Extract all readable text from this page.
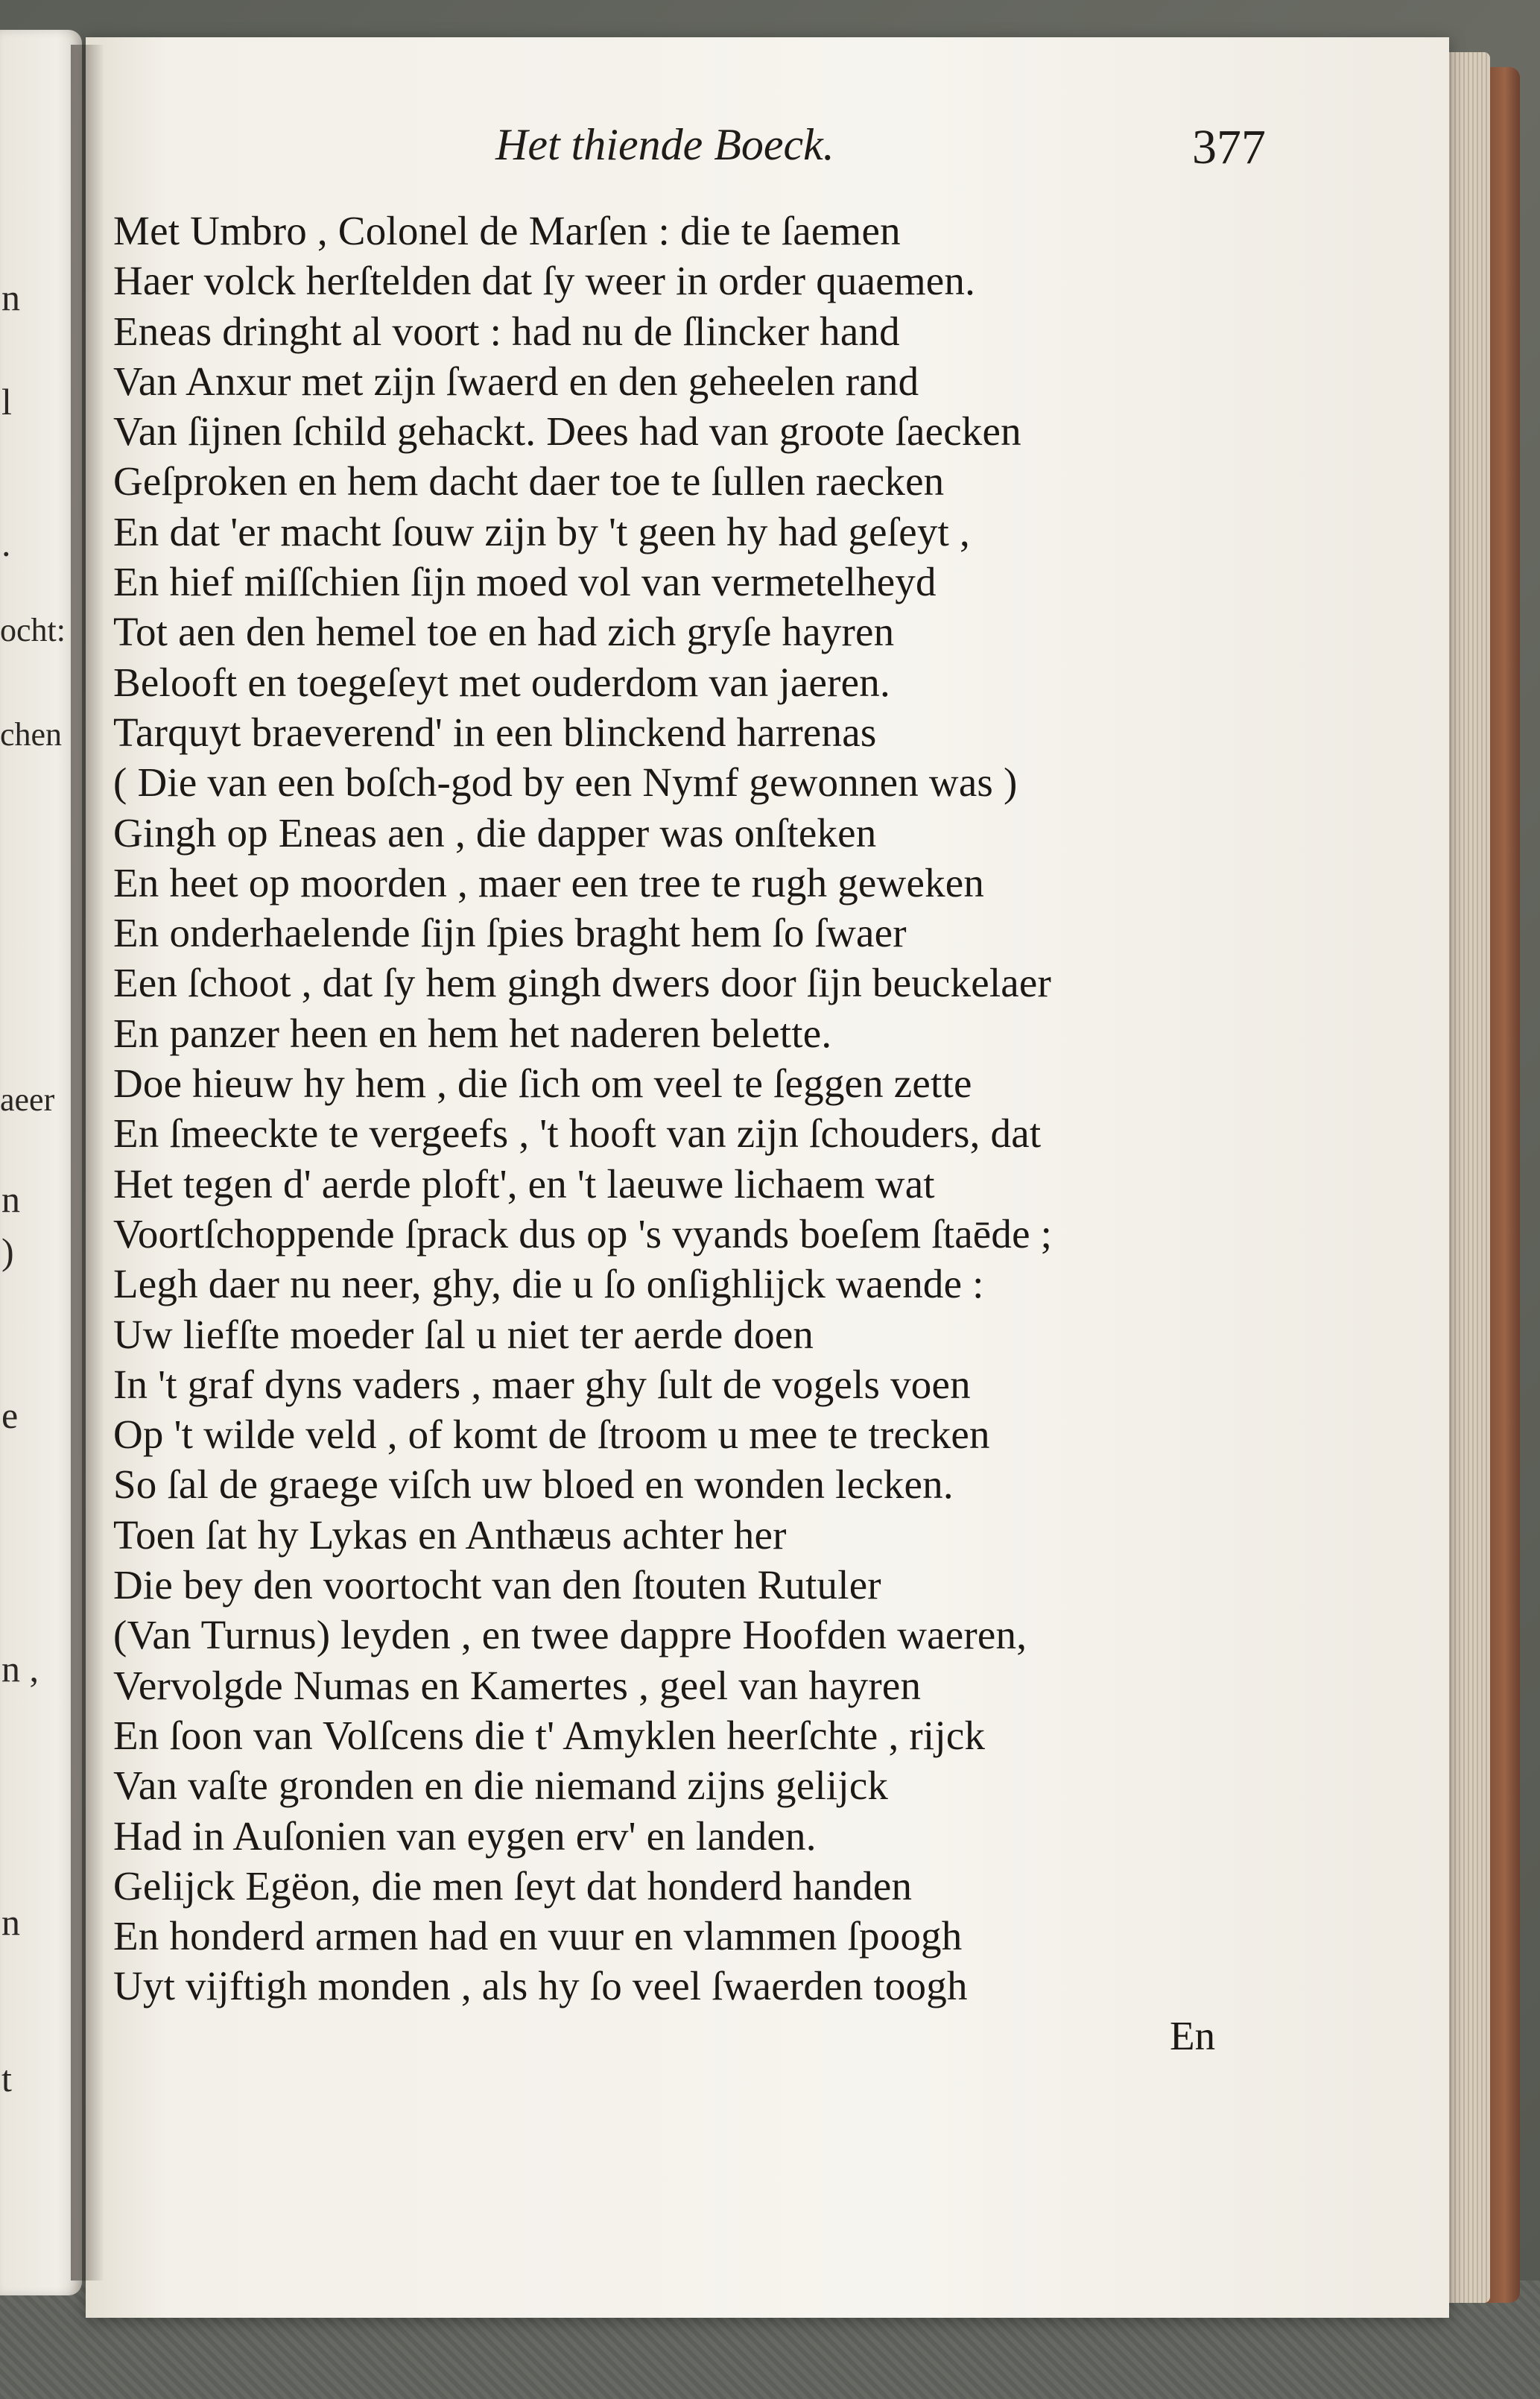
n
l
.
ocht:
chen
aeer
n
)
e
n ,
n
t
Het thiende Boeck.	377
Met Umbro , Colonel de Marſen : die te ſaemen
Haer volck herſtelden dat ſy weer in order quaemen.
Eneas dringht al voort : had nu de ſlincker hand
Van Anxur met zijn ſwaerd en den geheelen rand
Van ſijnen ſchild gehackt. Dees had van groote ſaecken
Geſproken en hem dacht daer toe te ſullen raecken
En dat 'er macht ſouw zijn by 't geen hy had geſeyt ,
En hief miſſchien ſijn moed vol van vermetelheyd
Tot aen den hemel toe en had zich gryſe hayren
Belooft en toegeſeyt met ouderdom van jaeren.
Tarquyt braeverend' in een blinckend harrenas
( Die van een boſch-god by een Nymf gewonnen was )
Gingh op Eneas aen , die dapper was onſteken
En heet op moorden , maer een tree te rugh geweken
En onderhaelende ſijn ſpies braght hem ſo ſwaer
Een ſchoot , dat ſy hem gingh dwers door ſijn beuckelaer
En panzer heen en hem het naderen belette.
Doe hieuw hy hem , die ſich om veel te ſeggen zette
En ſmeeckte te vergeefs , 't hooft van zijn ſchouders, dat
Het tegen d' aerde ploft', en 't laeuwe lichaem wat
Voortſchoppende ſprack dus op 's vyands boeſem ſtaēde ;
Legh daer nu neer, ghy, die u ſo onſighlijck waende :
Uw liefſte moeder ſal u niet ter aerde doen
In 't graf dyns vaders , maer ghy ſult de vogels voen
Op 't wilde veld , of komt de ſtroom u mee te trecken
So ſal de graege viſch uw bloed en wonden lecken.
Toen ſat hy Lykas en Anthæus achter her
Die bey den voortocht van den ſtouten Rutuler
(Van Turnus) leyden , en twee dappre Hoofden waeren,
Vervolgde Numas en Kamertes , geel van hayren
En ſoon van Volſcens die t' Amyklen heerſchte , rijck
Van vaſte gronden en die niemand zijns gelijck
Had in Auſonien van eygen erv' en landen.
Gelijck Egëon, die men ſeyt dat honderd handen
En honderd armen had en vuur en vlammen ſpoogh
Uyt vijftigh monden , als hy ſo veel ſwaerden toogh
En
